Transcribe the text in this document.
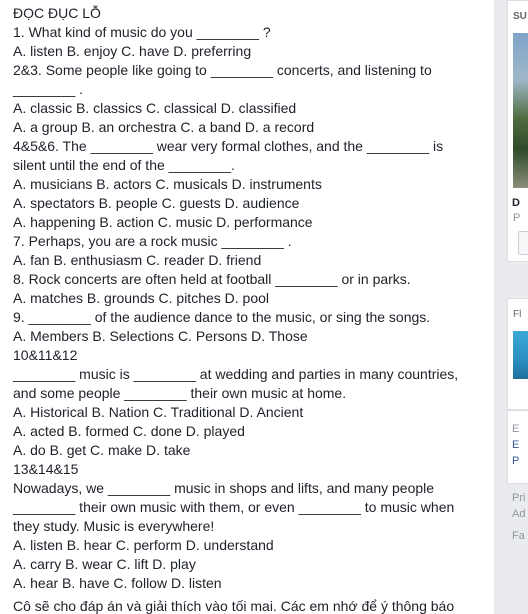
ĐỌC ĐỤC LỖ
1. What kind of music do you ________ ?
A. listen B. enjoy C. have D. preferring
2&3. Some people like going to ________ concerts, and listening to
________ .
A. classic B. classics C. classical D. classified
A. a group B. an orchestra C. a band D. a record
4&5&6. The ________ wear very formal clothes, and the ________ is
silent until the end of the ________.
A. musicians B. actors C. musicals D. instruments
A. spectators B. people C. guests D. audience
A. happening B. action C. music D. performance
7. Perhaps, you are a rock music ________ .
A. fan B. enthusiasm C. reader D. friend
8. Rock concerts are often held at football ________ or in parks.
A. matches B. grounds C. pitches D. pool
9. ________ of the audience dance to the music, or sing the songs.
A. Members B. Selections C. Persons D. Those
10&11&12
________ music is ________ at wedding and parties in many countries,
and some people ________ their own music at home.
A. Historical B. Nation C. Traditional D. Ancient
A. acted B. formed C. done D. played
A. do B. get C. make D. take
13&14&15
Nowadays, we ________ music in shops and lifts, and many people
________ their own music with them, or even ________ to music when
they study. Music is everywhere!
A. listen B. hear C. perform D. understand
A. carry B. wear C. lift D. play
A. hear B. have C. follow D. listen
Cô sẽ cho đáp án và giải thích vào tối mai. Các em nhớ để ý thông báo
SU
D
P
Fl
E
E
P
Pri
Ad
Fa
